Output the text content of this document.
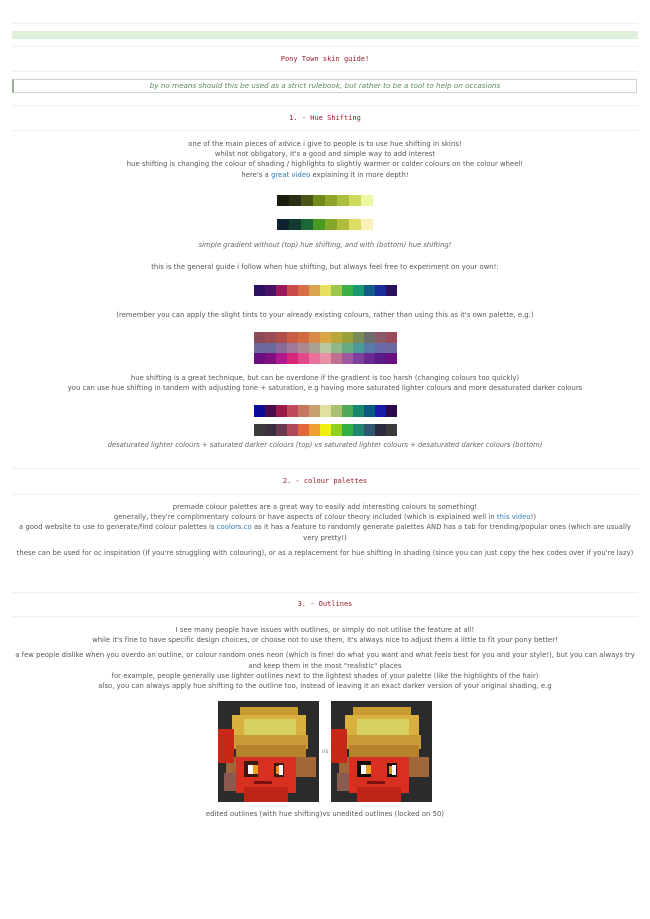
Pony Town skin guide!
by no means should this be used as a strict rulebook, but rather to be a tool to help on occasions
1. - Hue Shifting
one of the main pieces of advice i give to people is to use hue shifting in skins!
whilst not obligatory, it's a good and simple way to add interest
hue shifting is changing the colour of shading / highlights to slightly warmer or colder colours on the colour wheel!
here's a great video explaining it in more depth!
simple gradient without (top) hue shifting, and with (bottom) hue shifting!
this is the general guide i follow when hue shifting, but always feel free to experiment on your own!:
(remember you can apply the slight tints to your already existing colours, rather than using this as it's own palette, e.g:)
hue shifting is a great technique, but can be overdone if the gradient is too harsh (changing colours too quickly)
you can use hue shifting in tandem with adjusting tone + saturation, e.g having more saturated lighter colours and more desaturated darker colours
desaturated lighter colours + saturated darker colours (top) vs saturated lighter colours + desaturated darker colours (bottom)
2. - colour palettes
premade colour palettes are a great way to easily add interesting colours to something!
generally, they're complimentary colours or have aspects of colour theory included (which is explained well in this video!)
a good website to use to generate/find colour palettes is coolors.co as it has a feature to randomly generate palettes AND has a tab for trending/popular ones (which are usually very pretty!)
these can be used for oc inspiration (if you're struggling with colouring), or as a replacement for hue shifting in shading (since you can just copy the hex codes over if you're lazy)
3. - Outlines
I see many people have issues with outlines, or simply do not utilise the feature at all!
while it's fine to have specific design choices, or choose not to use them, it's always nice to adjust them a little to fit your pony better!
a few people dislike when you overdo an outline, or colour random ones neon (which is fine! do what you want and what feels best for you and your style!), but you can always try and keep them in the most "realistic" places
for example, people generally use lighter outlines next to the lightest shades of your palette (like the highlights of the hair)
also, you can always apply hue shifting to the outline too, instead of leaving it an exact darker version of your original shading, e.g
vs
edited outlines (with hue shifting)vs unedited outlines (locked on 50)
